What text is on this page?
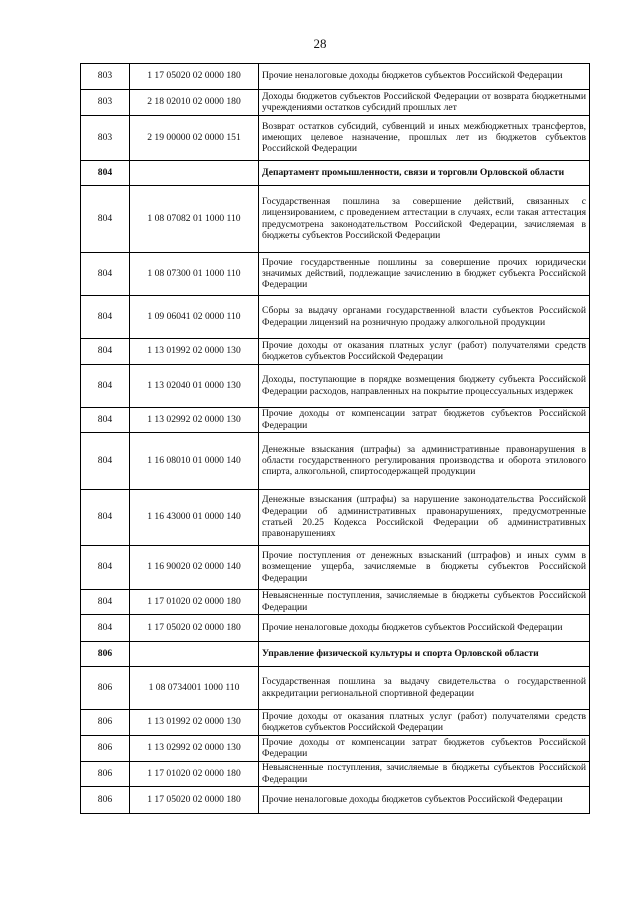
28
803	1 17 05020 02 0000 180	Прочие неналоговые доходы бюджетов субъектов Российской Федерации
803	2 18 02010 02 0000 180	Доходы бюджетов субъектов Российской Федерации от возврата бюджетными учреждениями остатков субсидий прошлых лет
803	2 19 00000 02 0000 151	Возврат остатков субсидий, субвенций и иных межбюджетных трансфертов, имеющих целевое назначение, прошлых лет из бюджетов субъектов Российской Федерации
804		Департамент промышленности, связи и торговли Орловской области
804	1 08 07082 01 1000 110	Государственная пошлина за совершение действий, связанных с лицензированием, с проведением аттестации в случаях, если такая аттестация предусмотрена законодательством Российской Федерации, зачисляемая в бюджеты субъектов Российской Федерации
804	1 08 07300 01 1000 110	Прочие государственные пошлины за совершение прочих юридически значимых действий, подлежащие зачислению в бюджет субъекта Российской Федерации
804	1 09 06041 02 0000 110	Сборы за выдачу органами государственной власти субъектов Российской Федерации лицензий на розничную продажу алкогольной продукции
804	1 13 01992 02 0000 130	Прочие доходы от оказания платных услуг (работ) получателями средств бюджетов субъектов Российской Федерации
804	1 13 02040 01 0000 130	Доходы, поступающие в порядке возмещения бюджету субъекта Российской Федерации расходов, направленных на покрытие процессуальных издержек
804	1 13 02992 02 0000 130	Прочие доходы от компенсации затрат бюджетов субъектов Российской Федерации
804	1 16 08010 01 0000 140	Денежные взыскания (штрафы) за административные правонарушения в области государственного регулирования производства и оборота этилового спирта, алкогольной, спиртосодержащей продукции
804	1 16 43000 01 0000 140	Денежные взыскания (штрафы) за нарушение законодательства Российской Федерации об административных правонарушениях, предусмотренные статьей 20.25 Кодекса Российской Федерации об административных правонарушениях
804	1 16 90020 02 0000 140	Прочие поступления от денежных взысканий (штрафов) и иных сумм в возмещение ущерба, зачисляемые в бюджеты субъектов Российской Федерации
804	1 17 01020 02 0000 180	Невыясненные поступления, зачисляемые в бюджеты субъектов Российской Федерации
804	1 17 05020 02 0000 180	Прочие неналоговые доходы бюджетов субъектов Российской Федерации
806		Управление физической культуры и спорта Орловской области
806	1 08 0734001 1000 110	Государственная пошлина за выдачу свидетельства о государственной аккредитации региональной спортивной федерации
806	1 13 01992 02 0000 130	Прочие доходы от оказания платных услуг (работ) получателями средств бюджетов субъектов Российской Федерации
806	1 13 02992 02 0000 130	Прочие доходы от компенсации затрат бюджетов субъектов Российской Федерации
806	1 17 01020 02 0000 180	Невыясненные поступления, зачисляемые в бюджеты субъектов Российской Федерации
806	1 17 05020 02 0000 180	Прочие неналоговые доходы бюджетов субъектов Российской Федерации
